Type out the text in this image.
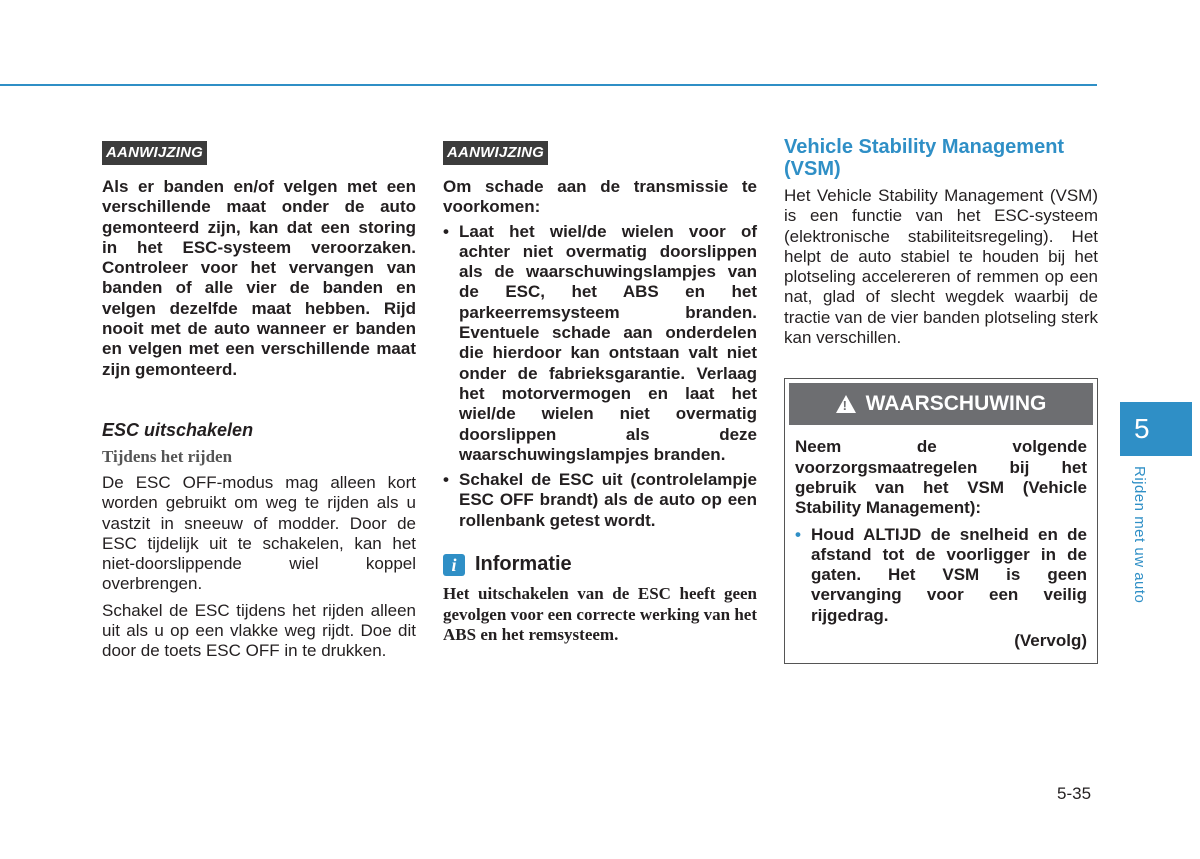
AANWIJZING

Als er banden en/of velgen met een verschillende maat onder de auto gemonteerd zijn, kan dat een storing in het ESC-systeem veroorzaken. Controleer voor het vervangen van banden of alle vier de banden en velgen dezelfde maat hebben. Rijd nooit met de auto wanneer er banden en velgen met een verschillende maat zijn gemonteerd.

ESC uitschakelen
Tijdens het rijden

De ESC OFF-modus mag alleen kort worden gebruikt om weg te rijden als u vastzit in sneeuw of modder. Door de ESC tijdelijk uit te schakelen, kan het niet-doorslippende wiel koppel overbrengen.

Schakel de ESC tijdens het rijden alleen uit als u op een vlakke weg rijdt. Doe dit door de toets ESC OFF in te drukken.

AANWIJZING

Om schade aan de transmissie te voorkomen:

• Laat het wiel/de wielen voor of achter niet overmatig doorslippen als de waarschuwingslampjes van de ESC, het ABS en het parkeerremsysteem branden. Eventuele schade aan onderdelen die hierdoor kan ontstaan valt niet onder de fabrieksgarantie. Verlaag het motorvermogen en laat het wiel/de wielen niet overmatig doorslippen als deze waarschuwingslampjes branden.
• Schakel de ESC uit (controlelampje ESC OFF brandt) als de auto op een rollenbank getest wordt.
i Informatie

Het uitschakelen van de ESC heeft geen gevolgen voor een correcte werking van het ABS en het remsysteem.

Vehicle Stability Management (VSM)

Het Vehicle Stability Management (VSM) is een functie van het ESC-systeem (elektronische stabiliteitsregeling). Het helpt de auto stabiel te houden bij het plotseling accelereren of remmen op een nat, glad of slecht wegdek waarbij de tractie van de vier banden plotseling sterk kan verschillen.

! WAARSCHUWING

Neem de volgende voorzorgsmaatregelen bij het gebruik van het VSM (Vehicle Stability Management):

• Houd ALTIJD de snelheid en de afstand tot de voorligger in de gaten. Het VSM is geen vervanging voor een veilig rijgedrag.
(Vervolg)
5
Rijden met uw auto
5-35
